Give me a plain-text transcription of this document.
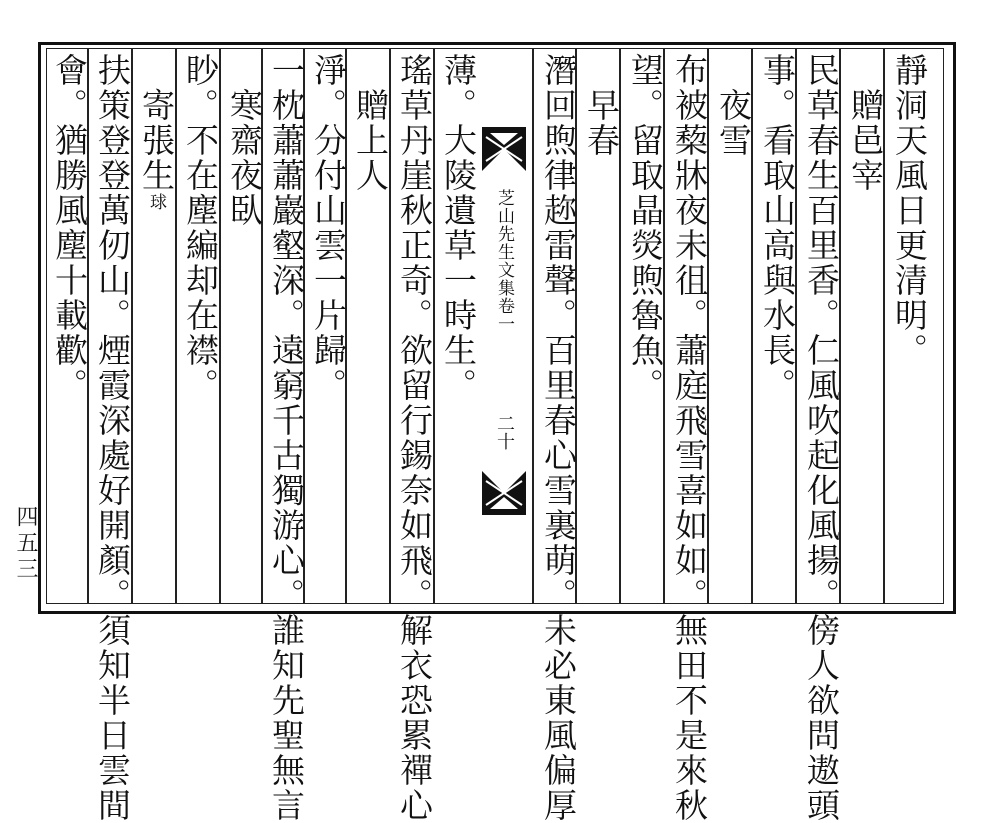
靜洞天風日更清明。
　贈邑宰
民草春生百里香。仁風吹起化風揚。傍人欲問遨頭
事。看取山高與水長。
　夜雪
布被蔾牀夜未徂。蕭庭飛雪喜如如。無田不是來秋
望。留取晶熒煦魯魚。
　早春
潛回煦律趂雷聲。百里春心雪裏萌。未必東風偏厚
芝山先生文集卷一
二十
薄。大陵遺草一時生。
瑤草丹崖秋正奇。欲留行錫奈如飛。解衣恐累禪心
　贈上人
淨。分付山雲一片歸。
一枕蕭蕭巖壑深。遠窮千古獨游心。誰知先聖無言
　寒齋夜臥
眇。不在塵編却在襟。
　寄張生球
扶策登登萬仞山。煙霞深處好開顏。須知半日雲間
會。猶勝風塵十載歡。
四五三
